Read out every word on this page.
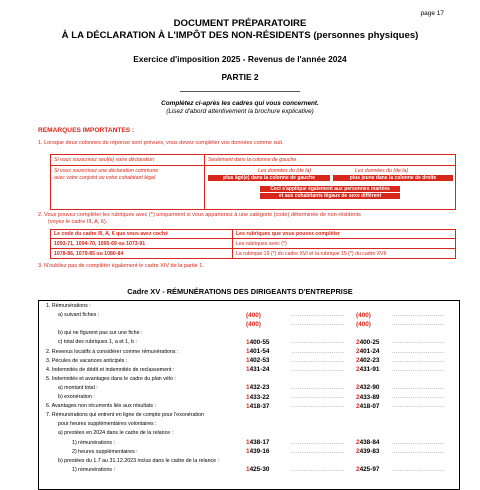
page 17
DOCUMENT PRÉPARATOIRE
À LA DÉCLARATION À L'IMPÔT DES NON-RÉSIDENTS (personnes physiques)
Exercice d'imposition 2025 - Revenus de l'année 2024
PARTIE 2
Complétez ci-après les cadres qui vous concernent.
(Lisez d'abord attentivement la brochure explicative)
REMARQUES IMPORTANTES :
1. Lorsque deux colonnes de réponse sont prévues, vous devez compléter vos données comme suit.
Si vous souscrivez seul(e) votre déclaration	Seulement dans la colonne de gauche
Si vous souscrivez une déclaration commune
avec votre conjoint ou votre cohabitant légal
Les données du (de la)
plus âgé(e) dans la colonne de gauche
Les données du (de la)
plus jeune dans la colonne de droite
Ceci s'applique également aux personnes mariées
et aux cohabitants légaux de sexe différent
2. Vous pouvez compléter les rubriques avec (*) uniquement si vous appartenez à une catégorie (code) déterminée de non-résidents
(voyez le cadre III, A, 6).
Le code du cadre III, A, 6 que vous avez coché	Les rubriques que vous pouvez compléter
1093-71, 1094-70, 1095-69 ou 1073-91	Les rubriques avec (*)
1078-86, 1079-85 ou 1080-84	La rubrique 19 (*) du cadre XVI et la rubrique 15 (*) du cadre XVII
3. N'oubliez pas de compléter également le cadre XIV de la partie 1.
Cadre XV - RÉMUNÉRATIONS DES DIRIGEANTS D'ENTREPRISE
1. Rémunérations :
a) suivant fiches :	(400)	............................ (400)	............................
(400)	............................ (400)	............................
b) qui ne figurent pas sur une fiche :
c) total des rubriques 1, a et 1, b :	1400-55	............................ 2400-25	............................
2. Revenus locatifs à considérer comme rémunérations :	1401-54	............................ 2401-24	............................
3. Pécules de vacances anticipés :	1402-53	............................ 2402-23	............................
4. Indemnités de dédit et indemnités de reclassement :	1431-24	............................ 2431-91	............................
5. Indemnités et avantages dans le cadre du plan vélo :
a) montant total :	1432-23	............................ 2432-90	............................
b) exonération :	1433-22	............................ 2433-89	............................
6. Avantages non récurrents liés aux résultats :	1418-37	............................ 2418-07	............................
7. Rémunérations qui entrent en ligne de compte pour l'exonération
pour heures supplémentaires volontaires :
a) prestées en 2024 dans le cadre de la relance :
1) rémunérations :	1438-17	............................ 2438-84	............................
2) heures supplémentaires :	1439-16	............................ 2439-83	............................
b) prestées du 1.7 au 31.12.2023 inclus dans le cadre de la relance :
1) rémunérations :	1425-30	............................ 2425-97	............................
